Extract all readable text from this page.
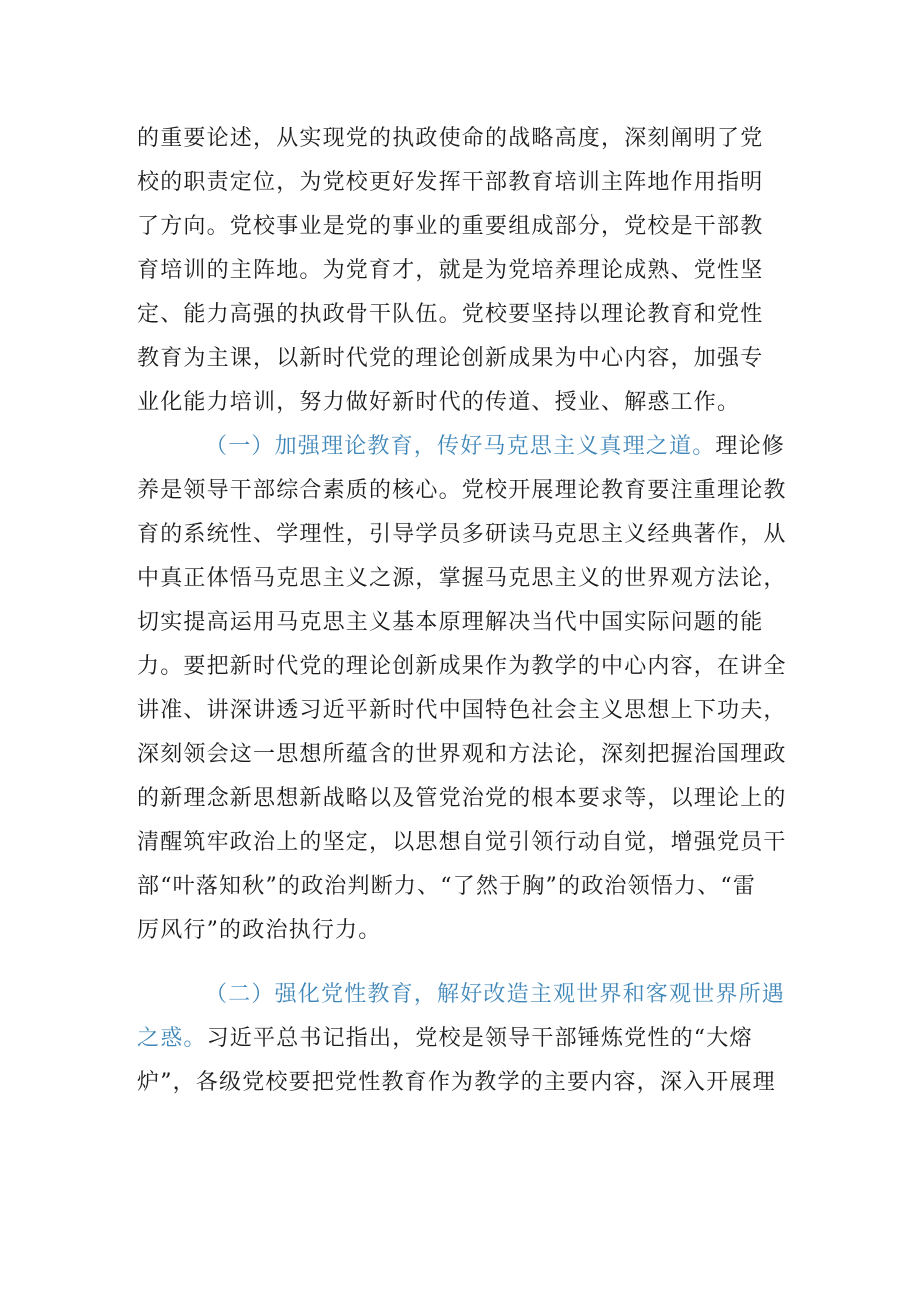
的重要论述，从实现党的执政使命的战略高度，深刻阐明了党
校的职责定位，为党校更好发挥干部教育培训主阵地作用指明
了方向。党校事业是党的事业的重要组成部分，党校是干部教
育培训的主阵地。为党育才，就是为党培养理论成熟、党性坚
定、能力高强的执政骨干队伍。党校要坚持以理论教育和党性
教育为主课，以新时代党的理论创新成果为中心内容，加强专
业化能力培训，努力做好新时代的传道、授业、解惑工作。
（一）加强理论教育，传好马克思主义真理之道。理论修
养是领导干部综合素质的核心。党校开展理论教育要注重理论教
育的系统性、学理性，引导学员多研读马克思主义经典著作，从
中真正体悟马克思主义之源，掌握马克思主义的世界观方法论，
切实提高运用马克思主义基本原理解决当代中国实际问题的能
力。要把新时代党的理论创新成果作为教学的中心内容，在讲全
讲准、讲深讲透习近平新时代中国特色社会主义思想上下功夫，
深刻领会这一思想所蕴含的世界观和方法论，深刻把握治国理政
的新理念新思想新战略以及管党治党的根本要求等，以理论上的
清醒筑牢政治上的坚定，以思想自觉引领行动自觉，增强党员干
部“叶落知秋”的政治判断力、“了然于胸”的政治领悟力、“雷
厉风行”的政治执行力。
（二）强化党性教育，解好改造主观世界和客观世界所遇
之惑。习近平总书记指出，党校是领导干部锤炼党性的“大熔
炉”，各级党校要把党性教育作为教学的主要内容，深入开展理
